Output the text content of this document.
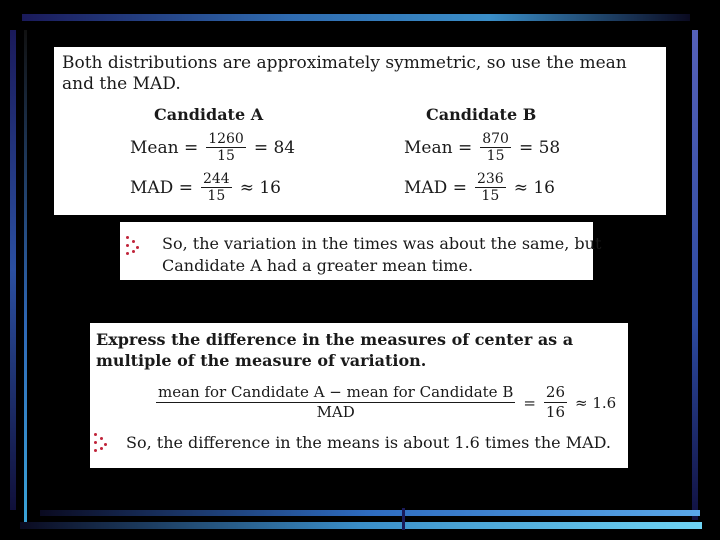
Both distributions are approximately symmetric, so use the mean and the MAD.
Candidate A
Mean = $\frac{1260}{15} = 84$
MAD = $\frac{244}{15} \approx 16$
Candidate B
Mean = $\frac{870}{15} = 58$
MAD = $\frac{236}{15} \approx 16$
So, the variation in the times was about the same, but
Candidate A had a greater mean time.
Express the difference in the measures of center as a multiple of the measure of variation.
$\frac{\text{mean for Candidate A − mean for Candidate B}}{\text{MAD}} = \frac{26}{16} \approx 1.6$
So, the difference in the means is about 1.6 times the MAD.
